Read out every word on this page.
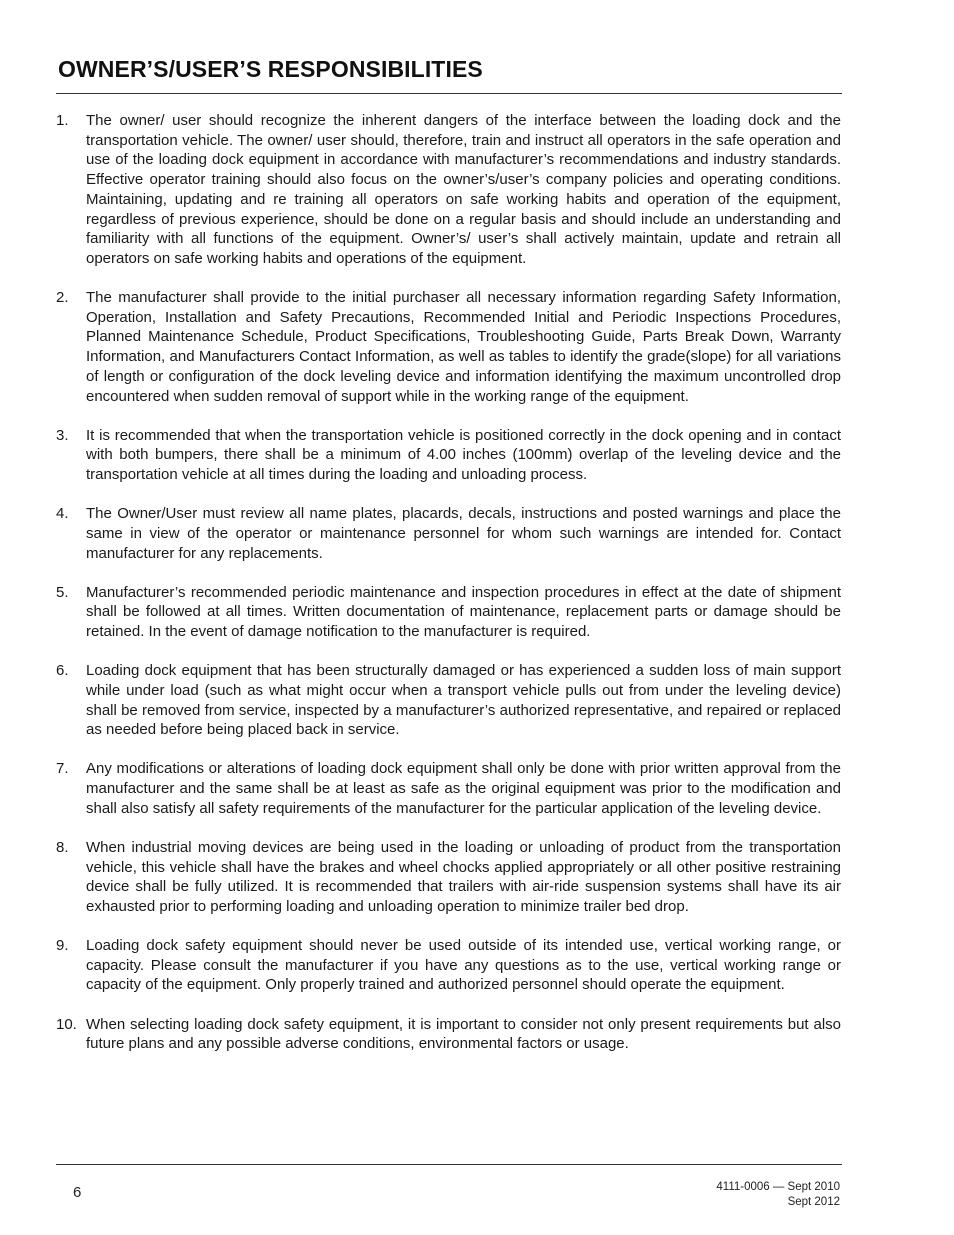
OWNER’S/USER’S RESPONSIBILITIES
1. The owner/ user should recognize the inherent dangers of the interface between the loading dock and the transportation vehicle. The owner/ user should, therefore, train and instruct all operators in the safe operation and use of the loading dock equipment in accordance with manufacturer’s recommendations and industry standards. Effective operator training should also focus on the owner’s/user’s company policies and operating conditions. Maintaining, updating and re training all operators on safe working habits and operation of the equipment, regardless of previous experience, should be done on a regular basis and should include an understanding and familiarity with all functions of the equipment. Owner’s/ user’s shall actively maintain, update and retrain all operators on safe working habits and operations of the equipment.
2. The manufacturer shall provide to the initial purchaser all necessary information regarding Safety Information, Operation, Installation and Safety Precautions, Recommended Initial and Periodic Inspections Procedures, Planned Maintenance Schedule, Product Specifications, Troubleshooting Guide, Parts Break Down, Warranty Information, and Manufacturers Contact Information, as well as tables to identify the grade(slope) for all variations of length or configuration of the dock leveling device and information identifying the maximum uncontrolled drop encountered when sudden removal of support while in the working range of the equipment.
3. It is recommended that when the transportation vehicle is positioned correctly in the dock opening and in contact with both bumpers, there shall be a minimum of 4.00 inches (100mm) overlap of the leveling device and the transportation vehicle at all times during the loading and unloading process.
4. The Owner/User must review all name plates, placards, decals, instructions and posted warnings and place the same in view of the operator or maintenance personnel for whom such warnings are intended for. Contact manufacturer for any replacements.
5. Manufacturer’s recommended periodic maintenance and inspection procedures in effect at the date of shipment shall be followed at all times. Written documentation of maintenance, replacement parts or damage should be retained. In the event of damage notification to the manufacturer is required.
6. Loading dock equipment that has been structurally damaged or has experienced a sudden loss of main support while under load (such as what might occur when a transport vehicle pulls out from under the leveling device) shall be removed from service, inspected by a manufacturer’s authorized representative, and repaired or replaced as needed before being placed back in service.
7. Any modifications or alterations of loading dock equipment shall only be done with prior written approval from the manufacturer and the same shall be at least as safe as the original equipment was prior to the modification and shall also satisfy all safety requirements of the manufacturer for the particular application of the leveling device.
8. When industrial moving devices are being used in the loading or unloading of product from the transportation vehicle, this vehicle shall have the brakes and wheel chocks applied appropriately or all other positive restraining device shall be fully utilized. It is recommended that trailers with air-ride suspension systems shall have its air exhausted prior to performing loading and unloading operation to minimize trailer bed drop.
9. Loading dock safety equipment should never be used outside of its intended use, vertical working range, or capacity. Please consult the manufacturer if you have any questions as to the use, vertical working range or capacity of the equipment. Only properly trained and authorized personnel should operate the equipment.
10. When selecting loading dock safety equipment, it is important to consider not only present requirements but also future plans and any possible adverse conditions, environmental factors or usage.
6	4111-0006 — Sept 2010
Sept 2012
